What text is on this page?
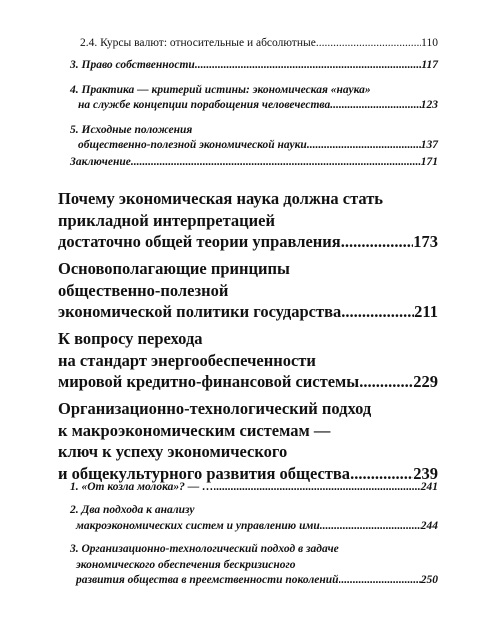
2.4. Курсы валют: относительные и абсолютные .....	110
3. Право собственности .....	117
4. Практика — критерий истины: экономическая «наука»
на службе концепции порабощения человечества .....	123
5. Исходные положения
общественно-полезной экономической науки .....	137
Заключение .....	171
Почему экономическая наука должна стать
прикладной интерпретацией
достаточно общей теории управления .....	173
Основополагающие принципы
общественно-полезной
экономической политики государства .....	211
К вопросу перехода
на стандарт энергообеспеченности
мировой кредитно-финансовой системы .....	229
Организационно-технологический подход
к макроэкономическим системам —
ключ к успеху экономического
и общекультурного развития общества .....	239
1. «От козла молока»? — … .....	241
2. Два подхода к анализу
макроэкономических систем и управлению ими .....	244
3. Организационно-технологический подход в задаче
экономического обеспечения бескризисного
развития общества в преемственности поколений .....	250
